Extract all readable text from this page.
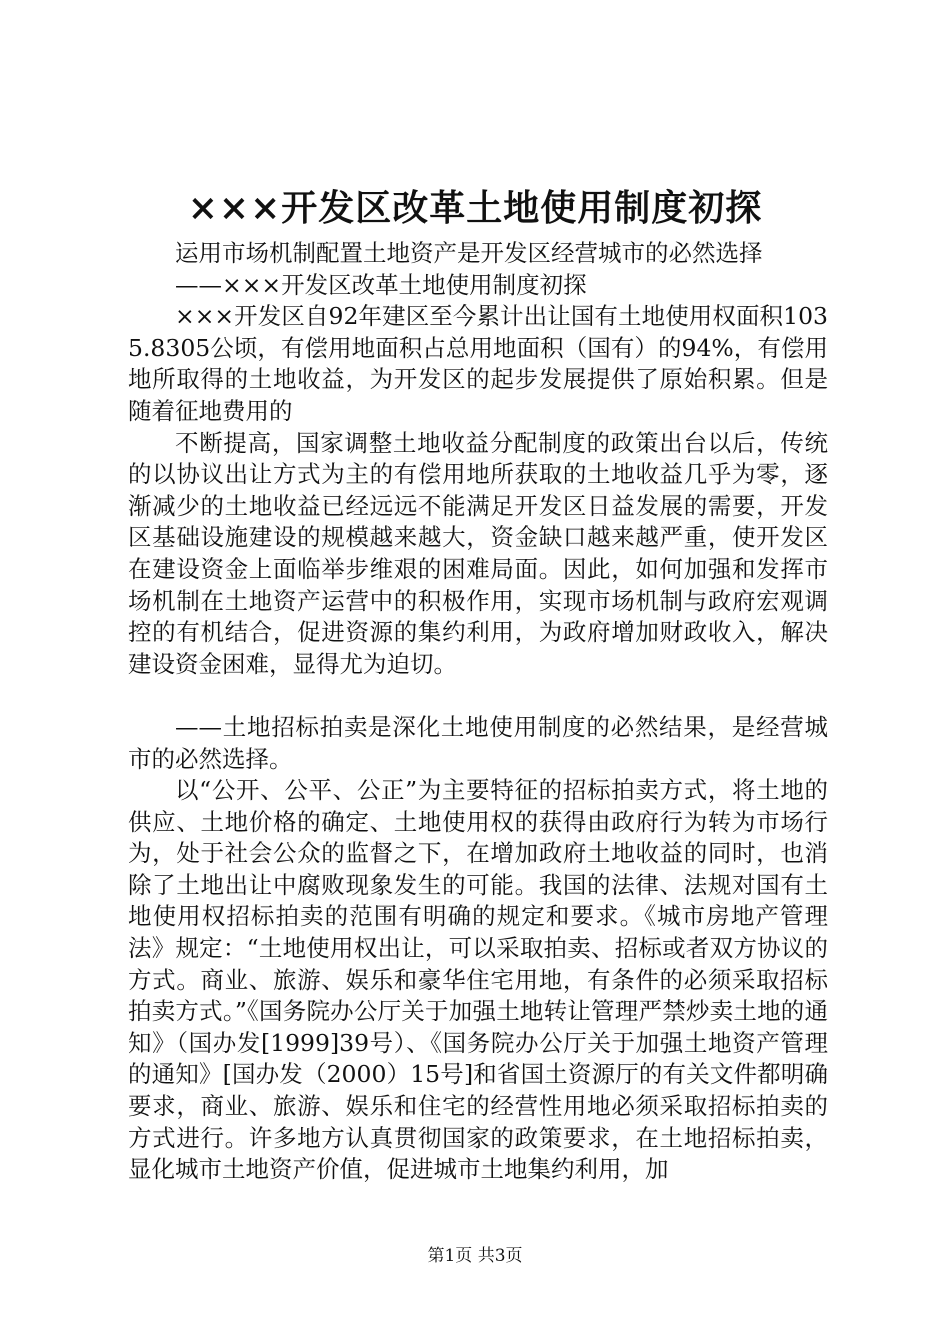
×××开发区改革土地使用制度初探

运用市场机制配置土地资产是开发区经营城市的必然选择

——×××开发区改革土地使用制度初探

×××开发区自92年建区至今累计出让国有土地使用权面积1035.8305公顷，有偿用地面积占总用地面积（国有）的94%，有偿用地所取得的土地收益，为开发区的起步发展提供了原始积累。但是随着征地费用的

不断提高，国家调整土地收益分配制度的政策出台以后，传统的以协议出让方式为主的有偿用地所获取的土地收益几乎为零，逐渐减少的土地收益已经远远不能满足开发区日益发展的需要，开发区基础设施建设的规模越来越大，资金缺口越来越严重，使开发区在建设资金上面临举步维艰的困难局面。因此，如何加强和发挥市场机制在土地资产运营中的积极作用，实现市场机制与政府宏观调控的有机结合，促进资源的集约利用，为政府增加财政收入，解决建设资金困难，显得尤为迫切。

——土地招标拍卖是深化土地使用制度的必然结果，是经营城市的必然选择。

以“公开、公平、公正”为主要特征的招标拍卖方式，将土地的供应、土地价格的确定、土地使用权的获得由政府行为转为市场行为，处于社会公众的监督之下，在增加政府土地收益的同时，也消除了土地出让中腐败现象发生的可能。我国的法律、法规对国有土地使用权招标拍卖的范围有明确的规定和要求。《城市房地产管理法》规定：“土地使用权出让，可以采取拍卖、招标或者双方协议的方式。商业、旅游、娱乐和豪华住宅用地，有条件的必须采取招标拍卖方式。”《国务院办公厅关于加强土地转让管理严禁炒卖土地的通知》（国办发[1999]39号）、《国务院办公厅关于加强土地资产管理的通知》[国办发（2000）15号]和省国土资源厅的有关文件都明确要求，商业、旅游、娱乐和住宅的经营性用地必须采取招标拍卖的方式进行。许多地方认真贯彻国家的政策要求，在土地招标拍卖，显化城市土地资产价值，促进城市土地集约利用，加

第1页 共3页
